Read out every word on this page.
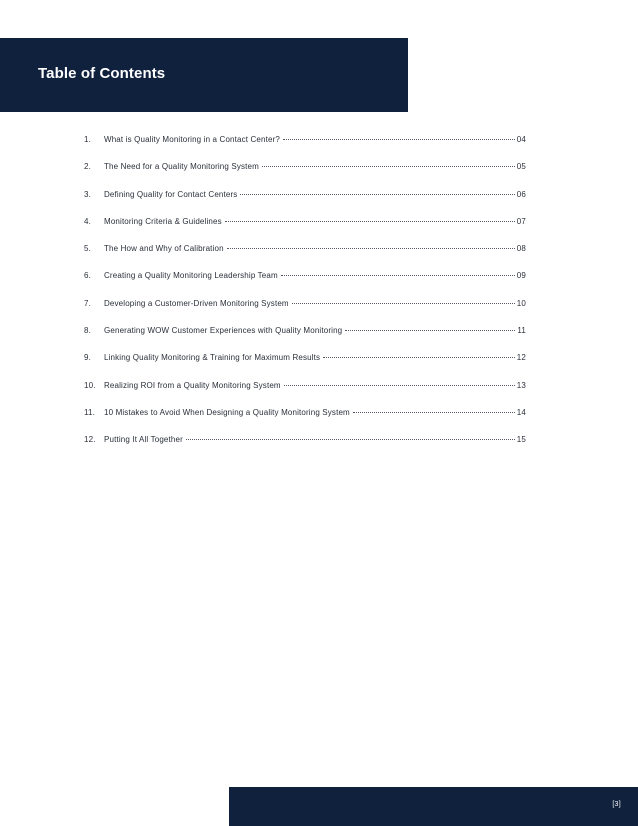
Table of Contents
1.	What is Quality Monitoring in a Contact Center?	04
2.	The Need for a Quality Monitoring System	05
3.	Defining Quality for Contact Centers	06
4.	Monitoring Criteria & Guidelines	07
5.	The How and Why of Calibration	08
6.	Creating a Quality Monitoring Leadership Team	09
7.	Developing a Customer-Driven Monitoring System	10
8.	Generating WOW Customer Experiences with Quality Monitoring	11
9.	Linking Quality Monitoring & Training for Maximum Results	12
10.	Realizing ROI from a Quality Monitoring System	13
11.	10 Mistakes to Avoid When Designing a Quality Monitoring System	14
12.	Putting It All Together	15
[3]
